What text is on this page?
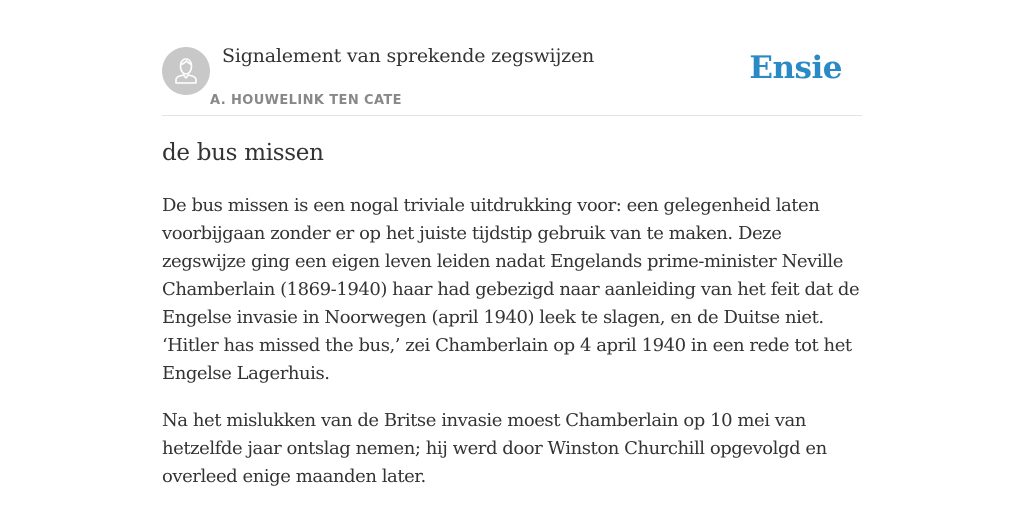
Signalement van sprekende zegswijzen
A. HOUWELINK TEN CATE
Ensie
de bus missen

De bus missen is een nogal triviale uitdrukking voor: een gelegenheid laten voorbijgaan zonder er op het juiste tijdstip gebruik van te maken. Deze zegswijze ging een eigen leven leiden nadat Engelands prime-minister Neville Chamberlain (1869-1940) haar had gebezigd naar aanleiding van het feit dat de Engelse invasie in Noorwegen (april 1940) leek te slagen, en de Duitse niet. ‘Hitler has missed the bus,’ zei Chamberlain op 4 april 1940 in een rede tot het Engelse Lagerhuis.

Na het mislukken van de Britse invasie moest Chamberlain op 10 mei van hetzelfde jaar ontslag nemen; hij werd door Winston Churchill opgevolgd en overleed enige maanden later.
